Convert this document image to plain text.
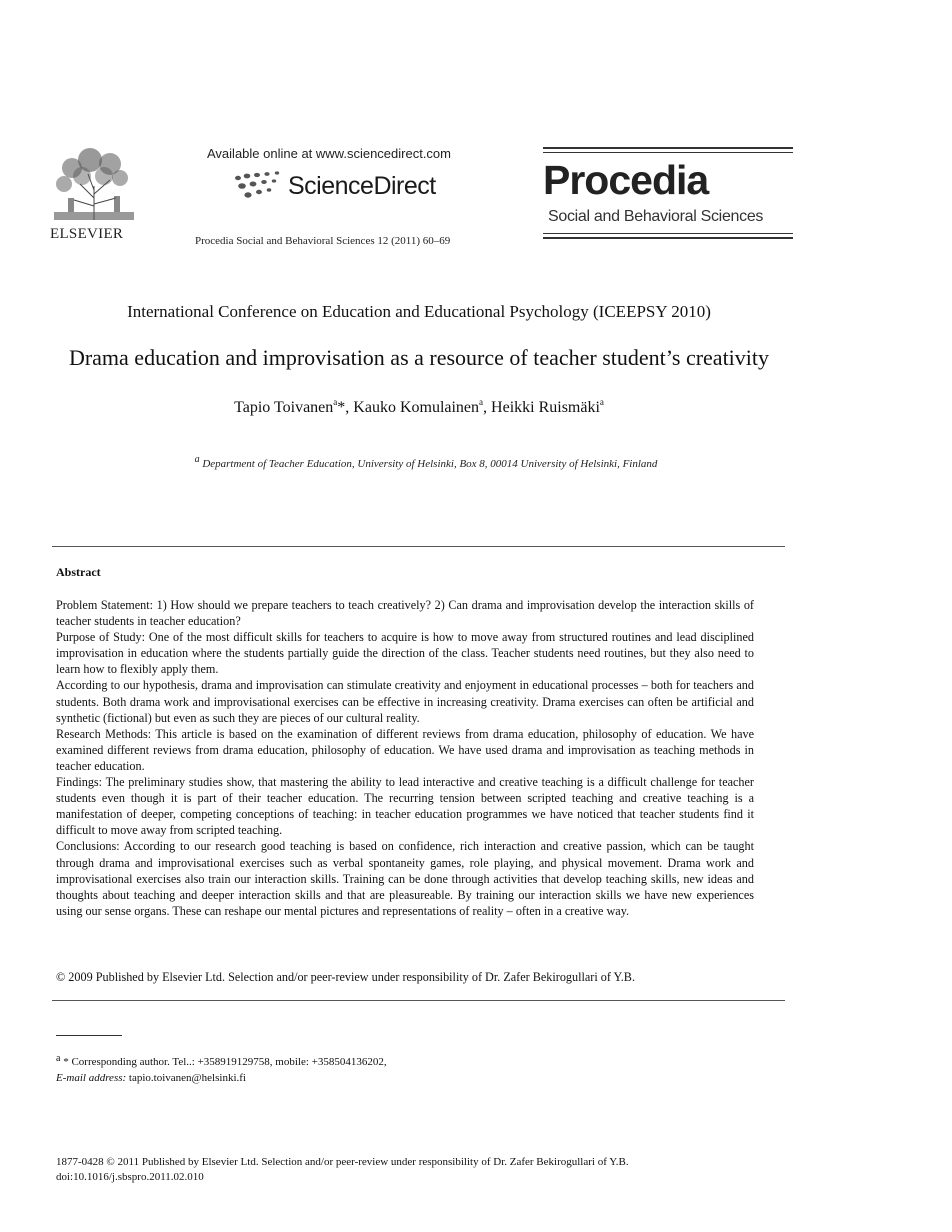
ELSEVIER
Available online at www.sciencedirect.com
ScienceDirect
Procedia Social and Behavioral Sciences 12 (2011) 60–69
Procedia
Social and Behavioral Sciences
International Conference on Education and Educational Psychology (ICEEPSY 2010)
Drama education and improvisation as a resource of teacher student’s creativity
Tapio Toivanen$^a$*, Kauko Komulainen$^a$, Heikki Ruismäki$^a$
$^a$ Department of Teacher Education, University of Helsinki, Box 8, 00014 University of Helsinki, Finland
Abstract

Problem Statement: 1) How should we prepare teachers to teach creatively? 2) Can drama and improvisation develop the interaction skills of teacher students in teacher education?

Purpose of Study: One of the most difficult skills for teachers to acquire is how to move away from structured routines and lead disciplined improvisation in education where the students partially guide the direction of the class. Teacher students need routines, but they also need to learn how to flexibly apply them.

According to our hypothesis, drama and improvisation can stimulate creativity and enjoyment in educational processes – both for teachers and students. Both drama work and improvisational exercises can be effective in increasing creativity. Drama exercises can often be artificial and synthetic (fictional) but even as such they are pieces of our cultural reality.

Research Methods: This article is based on the examination of different reviews from drama education, philosophy of education. We have examined different reviews from drama education, philosophy of education. We have used drama and improvisation as teaching methods in teacher education.

Findings: The preliminary studies show, that mastering the ability to lead interactive and creative teaching is a difficult challenge for teacher students even though it is part of their teacher education. The recurring tension between scripted teaching and creative teaching is a manifestation of deeper, competing conceptions of teaching: in teacher education programmes we have noticed that teacher students find it difficult to move away from scripted teaching.

Conclusions: According to our research good teaching is based on confidence, rich interaction and creative passion, which can be taught through drama and improvisational exercises such as verbal spontaneity games, role playing, and physical movement. Drama work and improvisational exercises also train our interaction skills. Training can be done through activities that develop teaching skills, new ideas and thoughts about teaching and deeper interaction skills and that are pleasureable. By training our interaction skills we have new experiences using our sense organs. These can reshape our mental pictures and representations of reality – often in a creative way.

© 2009 Published by Elsevier Ltd. Selection and/or peer-review under responsibility of Dr. Zafer Bekirogullari of Y.B.
$^a$ * Corresponding author. Tel..: +358919129758, mobile: +358504136202,
E-mail address: tapio.toivanen@helsinki.fi
1877-0428 © 2011 Published by Elsevier Ltd. Selection and/or peer-review under responsibility of Dr. Zafer Bekirogullari of Y.B.
doi:10.1016/j.sbspro.2011.02.010
